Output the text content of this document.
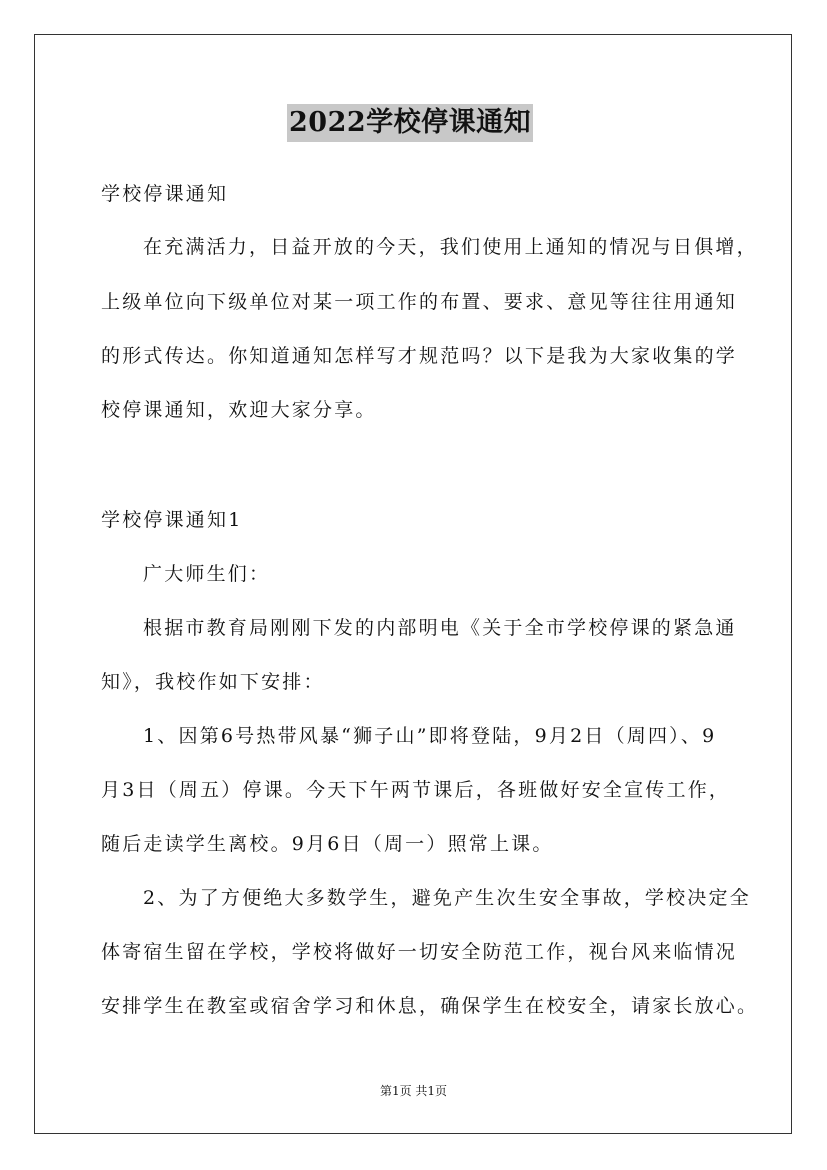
2022学校停课通知
学校停课通知
在充满活力，日益开放的今天，我们使用上通知的情况与日俱增，
上级单位向下级单位对某一项工作的布置、要求、意见等往往用通知
的形式传达。你知道通知怎样写才规范吗？以下是我为大家收集的学
校停课通知，欢迎大家分享。
学校停课通知1
广大师生们：
根据市教育局刚刚下发的内部明电《关于全市学校停课的紧急通
知》，我校作如下安排：
1、因第6号热带风暴“狮子山”即将登陆，9月2日（周四）、9
月3日（周五）停课。今天下午两节课后，各班做好安全宣传工作，
随后走读学生离校。9月6日（周一）照常上课。
2、为了方便绝大多数学生，避免产生次生安全事故，学校决定全
体寄宿生留在学校，学校将做好一切安全防范工作，视台风来临情况
安排学生在教室或宿舍学习和休息，确保学生在校安全，请家长放心。
第1页 共1页
